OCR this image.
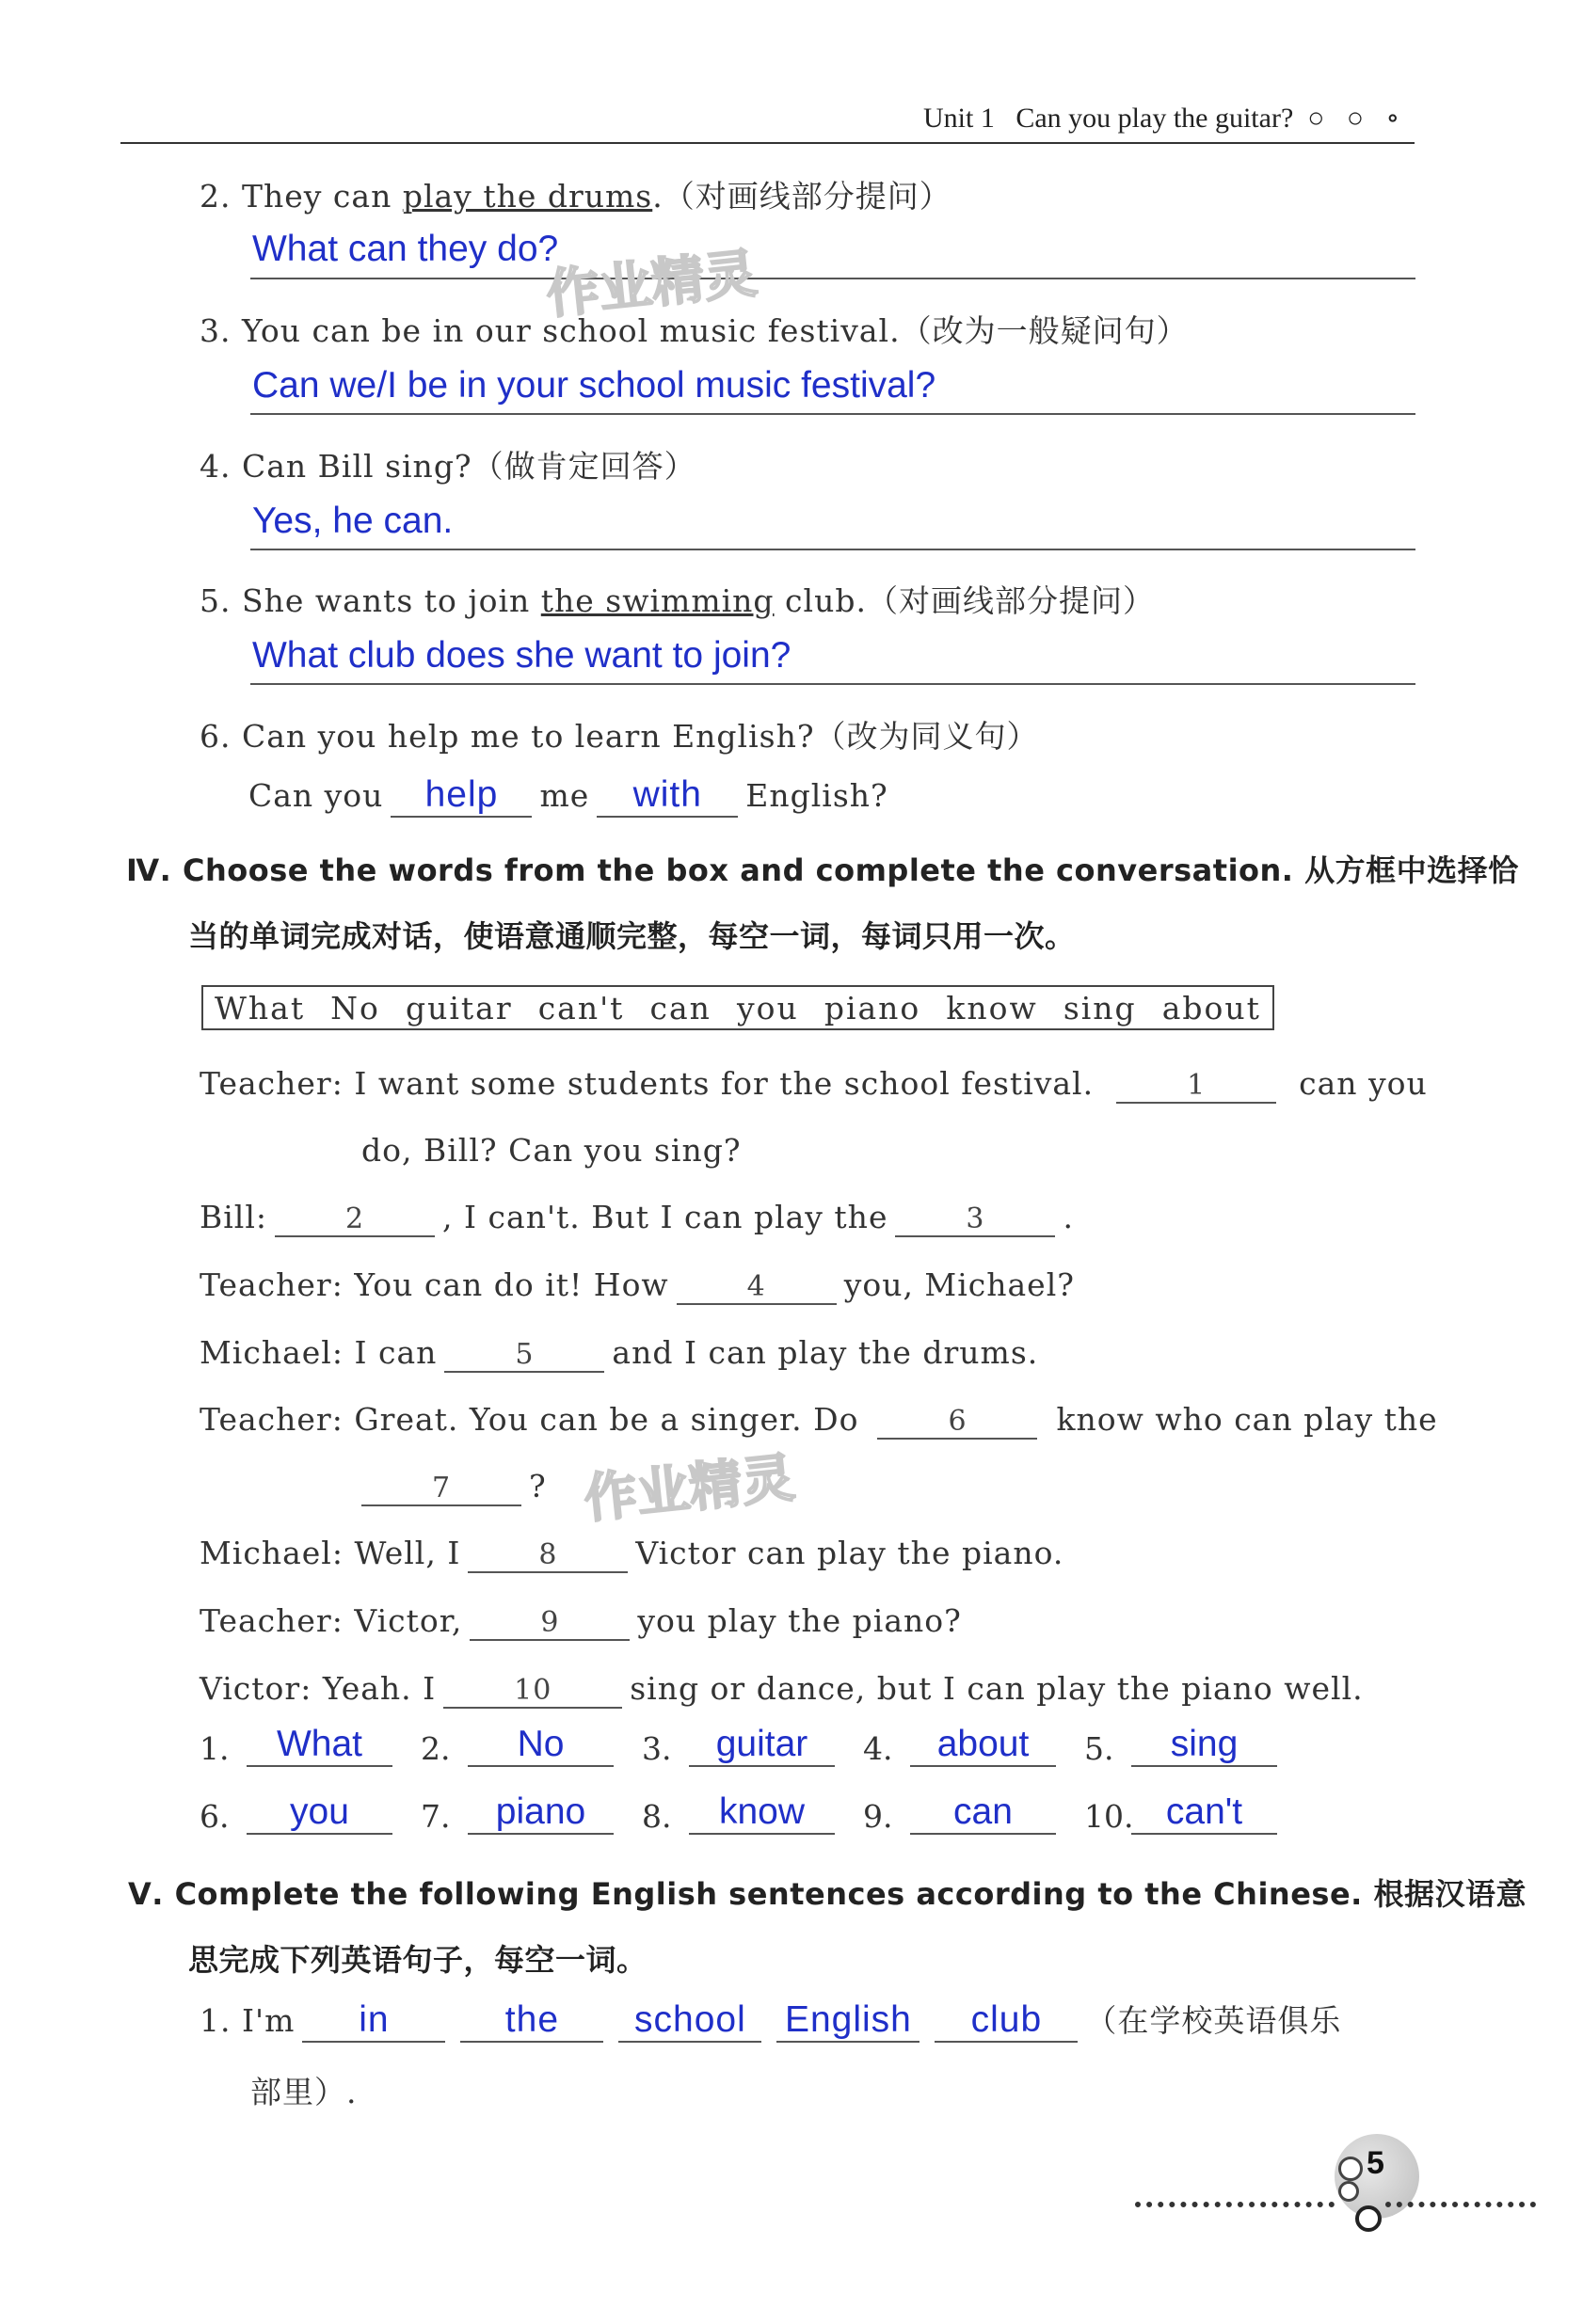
Unit 1 Can you play the guitar? ○ ○ ∘
2. They can play the drums.（对画线部分提问）
What can they do?
3. You can be in our school music festival.（改为一般疑问句）
Can we/I be in your school music festival?
4. Can Bill sing?（做肯定回答）
Yes, he can.
5. She wants to join the swimming club.（对画线部分提问）
What club does she want to join?
6. Can you help me to learn English?（改为同义句）
Can you help me with English?
Ⅳ. Choose the words from the box and complete the conversation. 从方框中选择恰
当的单词完成对话，使语意通顺完整，每空一词，每词只用一次。
What No guitar can't can you piano know sing about
Teacher: I want some students for the school festival.	1	can you
do, Bill? Can you sing?
Bill:	2	, I can't. But I can play the	3	.
Teacher: You can do it! How	4	you, Michael?
Michael: I can	5	and I can play the drums.
Teacher: Great. You can be a singer. Do	6	know who can play the
7	?
Michael: Well, I	8	Victor can play the piano.
Teacher: Victor,	9	you play the piano?
Victor: Yeah. I	10	sing or dance, but I can play the piano well.
1.	What	2.	No	3.	guitar	4.	about	5.	sing
6.	you	7.	piano	8.	know	9.	can	10. can't
Ⅴ. Complete the following English sentences according to the Chinese. 根据汉语意
思完成下列英语句子，每空一词。
1. I'm in	the school English club （在学校英语俱乐
部里）.
作业精灵
作业精灵
5
